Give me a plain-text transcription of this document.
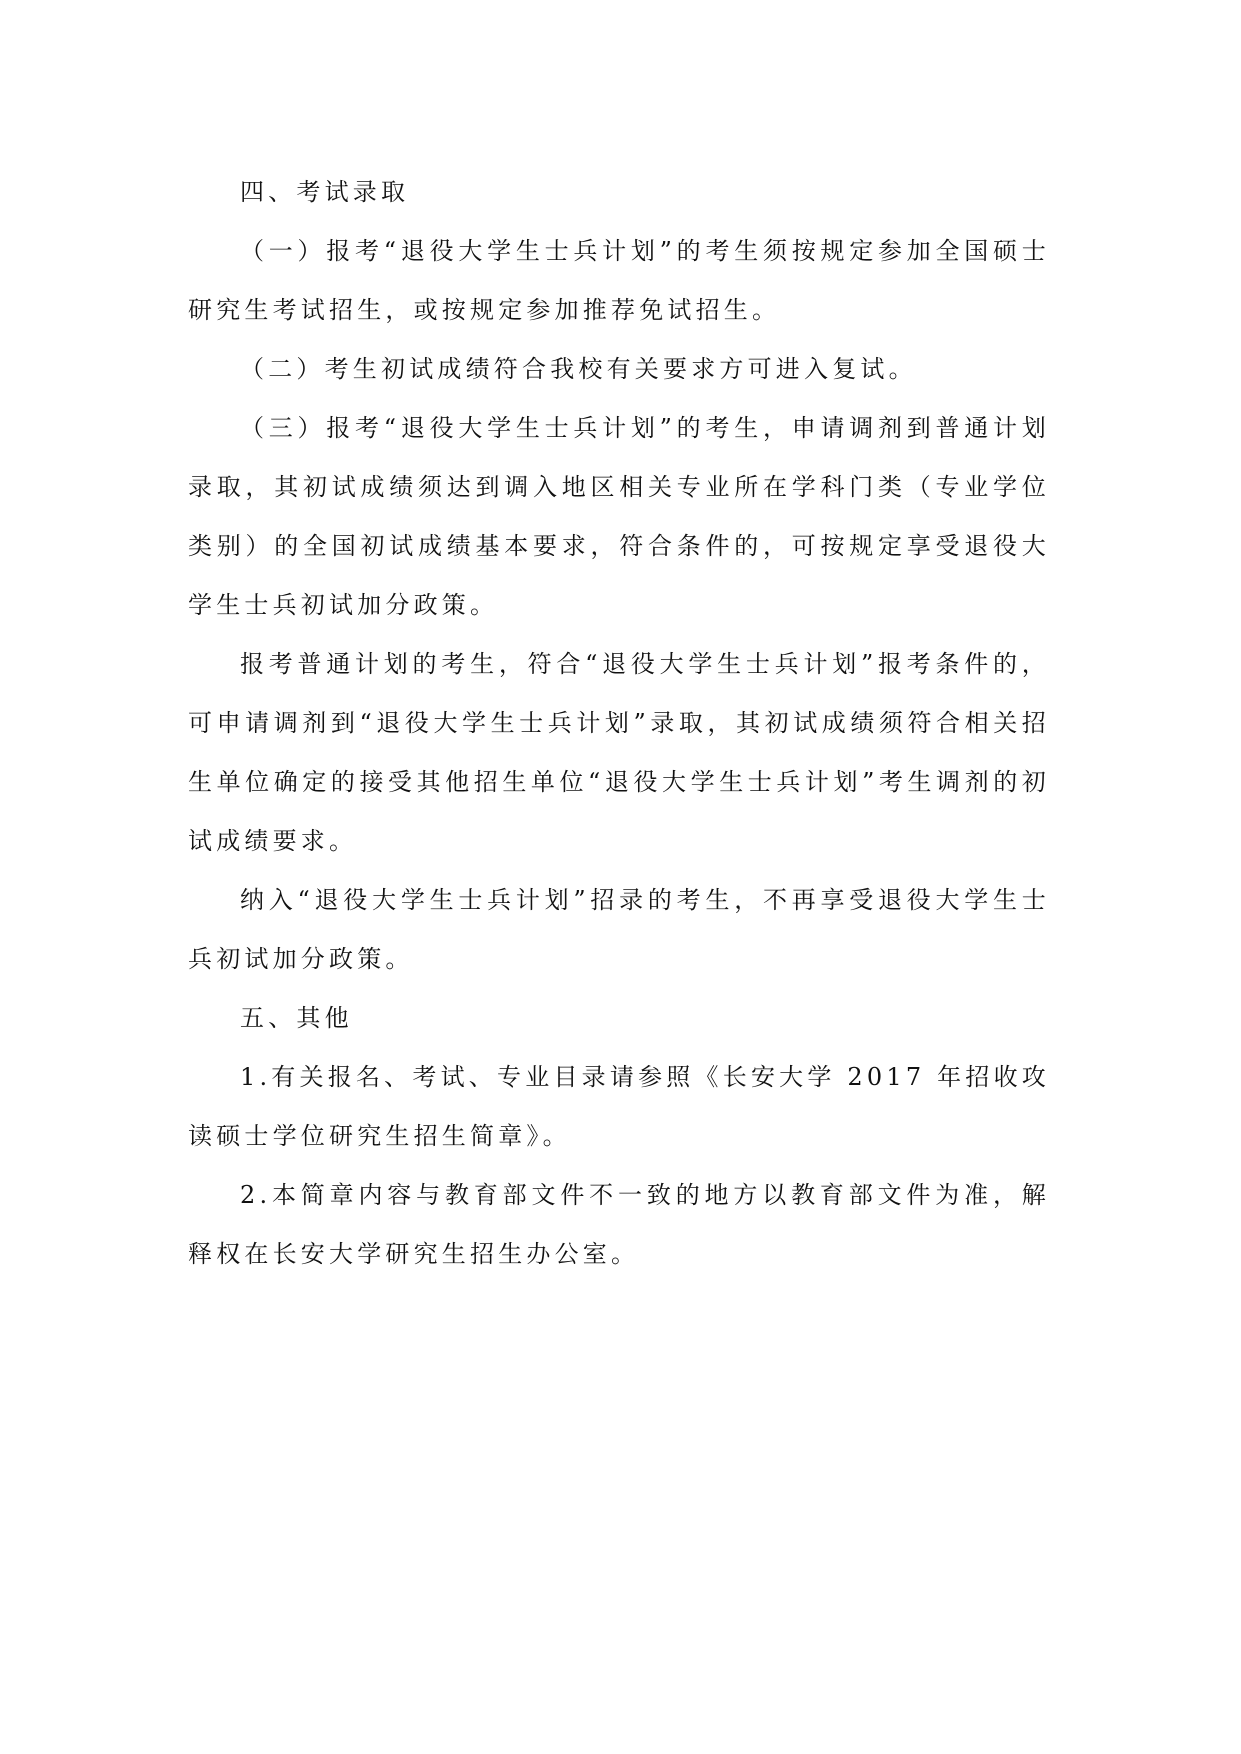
四、考试录取

（一）报考“退役大学生士兵计划”的考生须按规定参加全国硕士研究生考试招生，或按规定参加推荐免试招生。

（二）考生初试成绩符合我校有关要求方可进入复试。

（三）报考“退役大学生士兵计划”的考生，申请调剂到普通计划录取，其初试成绩须达到调入地区相关专业所在学科门类（专业学位类别）的全国初试成绩基本要求，符合条件的，可按规定享受退役大学生士兵初试加分政策。

报考普通计划的考生，符合“退役大学生士兵计划”报考条件的，可申请调剂到“退役大学生士兵计划”录取，其初试成绩须符合相关招生单位确定的接受其他招生单位“退役大学生士兵计划”考生调剂的初试成绩要求。

纳入“退役大学生士兵计划”招录的考生，不再享受退役大学生士兵初试加分政策。

五、其他

1.有关报名、考试、专业目录请参照《长安大学 2017 年招收攻读硕士学位研究生招生简章》。

2.本简章内容与教育部文件不一致的地方以教育部文件为准，解释权在长安大学研究生招生办公室。
